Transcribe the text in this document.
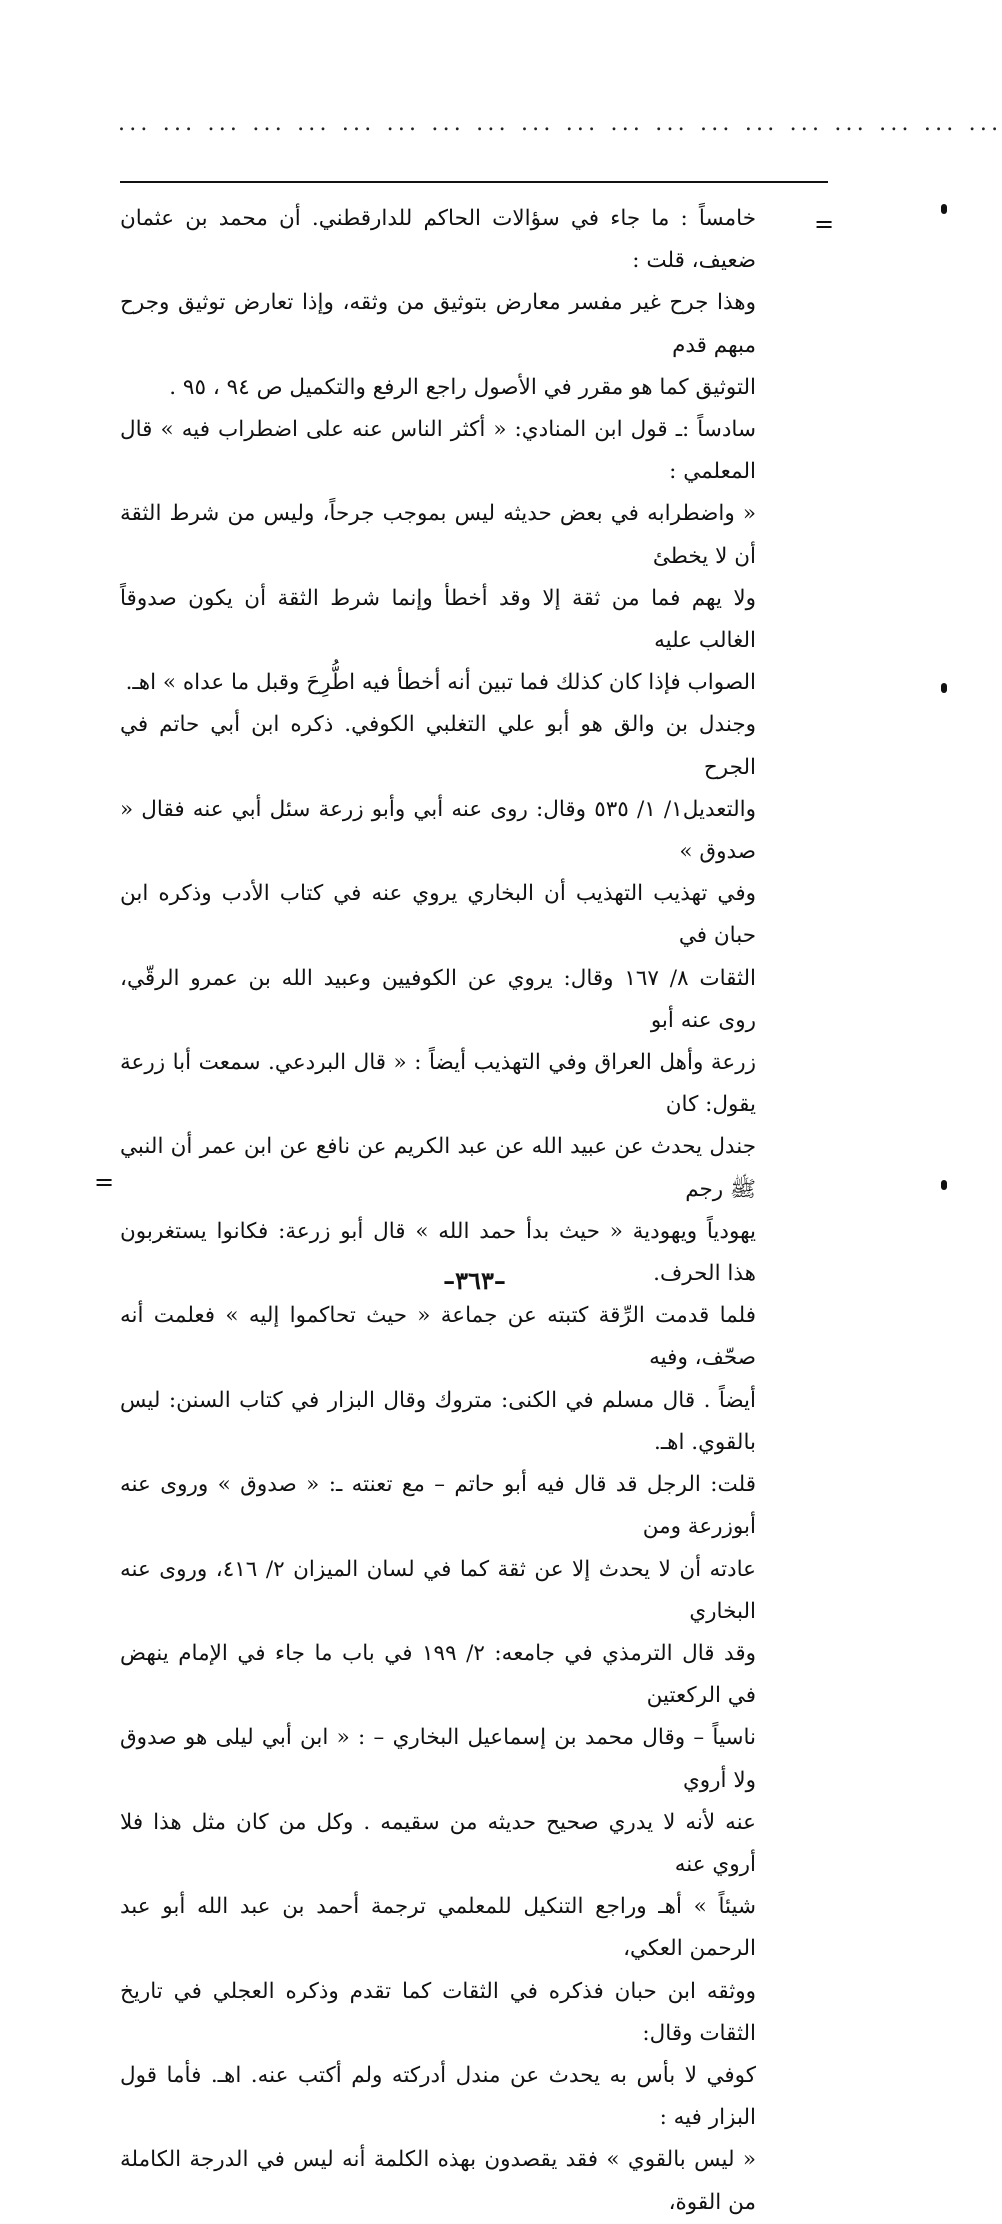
... ... ... ... ... ... ... ... ... ... ... ... ... ... ... ... ... ... ... ...
=
=

خامساً : ما جاء في سؤالات الحاكم للدارقطني. أن محمد بن عثمان ضعيف، قلت :

وهذا جرح غير مفسر معارض بتوثيق من وثقه، وإذا تعارض توثيق وجرح مبهم قدم

التوثيق كما هو مقرر في الأصول راجع الرفع والتكميل ص ٩٤ ، ٩٥ .

سادساً :ـ قول ابن المنادي: « أكثر الناس عنه على اضطراب فيه » قال المعلمي :

« واضطرابه في بعض حديثه ليس بموجب جرحاً، وليس من شرط الثقة أن لا يخطئ

ولا يهم فما من ثقة إلا وقد أخطأ وإنما شرط الثقة أن يكون صدوقاً الغالب عليه

الصواب فإذا كان كذلك فما تبين أنه أخطأ فيه اطُّرِحَ وقبل ما عداه » اهـ.

وجندل بن والق هو أبو علي التغلبي الكوفي. ذكره ابن أبي حاتم في الجرح

والتعديل١/ ١/ ٥٣٥ وقال: روى عنه أبي وأبو زرعة سئل أبي عنه فقال « صدوق »

وفي تهذيب التهذيب أن البخاري يروي عنه في كتاب الأدب وذكره ابن حبان في

الثقات ٨/ ١٦٧ وقال: يروي عن الكوفيين وعبيد الله بن عمرو الرقّي، روى عنه أبو

زرعة وأهل العراق وفي التهذيب أيضاً : « قال البردعي. سمعت أبا زرعة يقول: كان

جندل يحدث عن عبيد الله عن عبد الكريم عن نافع عن ابن عمر أن النبي ﷺ رجم

يهودياً ويهودية « حيث بدأ حمد الله » قال أبو زرعة: فكانوا يستغربون هذا الحرف.

فلما قدمت الرِّقة كتبته عن جماعة « حيث تحاكموا إليه » فعلمت أنه صحّف، وفيه

أيضاً . قال مسلم في الكنى: متروك وقال البزار في كتاب السنن: ليس بالقوي. اهـ.

قلت: الرجل قد قال فيه أبو حاتم – مع تعنته ـ: « صدوق » وروى عنه أبوزرعة ومن

عادته أن لا يحدث إلا عن ثقة كما في لسان الميزان ٢/ ٤١٦، وروى عنه البخاري

وقد قال الترمذي في جامعه: ٢/ ١٩٩ في باب ما جاء في الإمام ينهض في الركعتين

ناسياً – وقال محمد بن إسماعيل البخاري – : « ابن أبي ليلى هو صدوق ولا أروي

عنه لأنه لا يدري صحيح حديثه من سقيمه . وكل من كان مثل هذا فلا أروي عنه

شيئاً » أهـ وراجع التنكيل للمعلمي ترجمة أحمد بن عبد الله أبو عبد الرحمن العكي،

ووثقه ابن حبان فذكره في الثقات كما تقدم وذكره العجلي في تاريخ الثقات وقال:

كوفي لا بأس به يحدث عن مندل أدركته ولم أكتب عنه. اهـ. فأما قول البزار فيه :

« ليس بالقوي » فقد يقصدون بهذه الكلمة أنه ليس في الدرجة الكاملة من القوة،

–٣٦٣–
